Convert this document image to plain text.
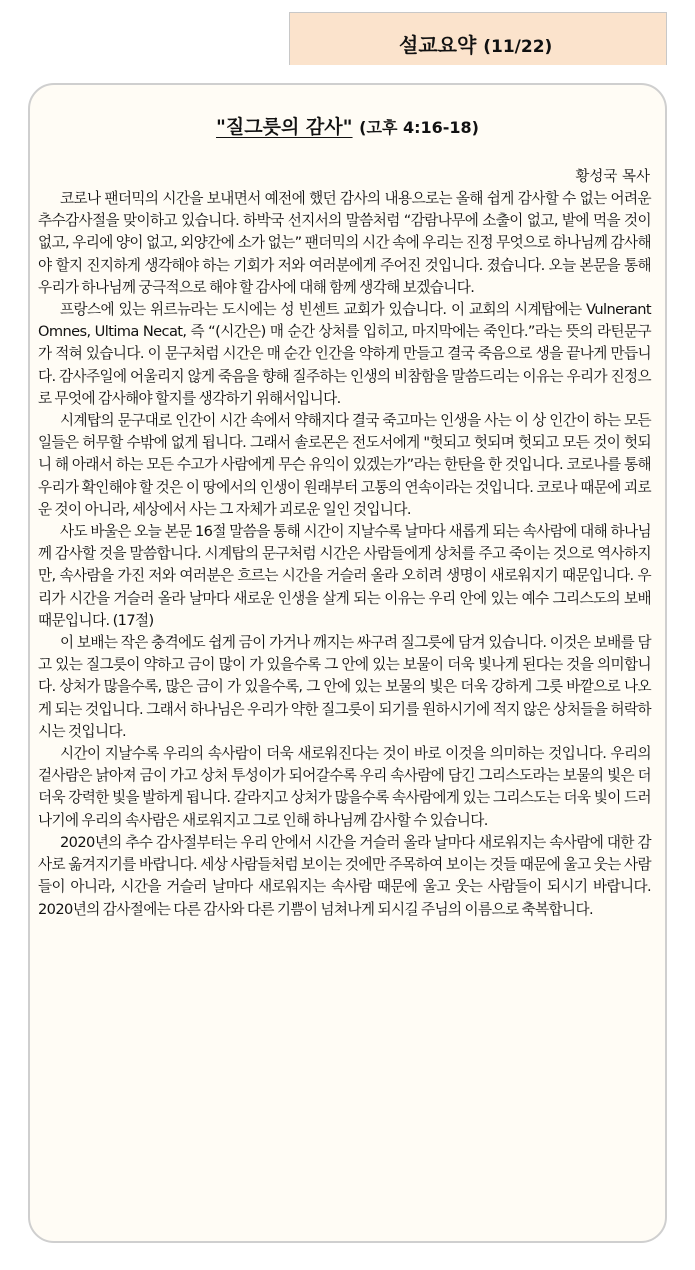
설교요약 (11/22)
"질그릇의 감사" (고후 4:16-18)
황성국 목사

코로나 팬더믹의 시간을 보내면서 예전에 했던 감사의 내용으로는 올해 쉽게 감사할 수 없는 어려운 추수감사절을 맞이하고 있습니다. 하박국 선지서의 말씀처럼 “감람나무에 소출이 없고, 밭에 먹을 것이 없고, 우리에 양이 없고, 외양간에 소가 없는” 팬더믹의 시간 속에 우리는 진정 무엇으로 하나님께 감사해야 할지 진지하게 생각해야 하는 기회가 저와 여러분에게 주어진 것입니다. 졌습니다. 오늘 본문을 통해 우리가 하나님께 궁극적으로 해야 할 감사에 대해 함께 생각해 보겠습니다.

프랑스에 있는 위르뉴라는 도시에는 성 빈센트 교회가 있습니다. 이 교회의 시계탑에는 Vulnerant Omnes, Ultima Necat, 즉 “(시간은) 매 순간 상처를 입히고, 마지막에는 죽인다.”라는 뜻의 라틴문구가 적혀 있습니다. 이 문구처럼 시간은 매 순간 인간을 약하게 만들고 결국 죽음으로 생을 끝나게 만듭니다. 감사주일에 어울리지 않게 죽음을 향해 질주하는 인생의 비참함을 말씀드리는 이유는 우리가 진정으로 무엇에 감사해야 할지를 생각하기 위해서입니다.

시계탑의 문구대로 인간이 시간 속에서 약해지다 결국 죽고마는 인생을 사는 이 상 인간이 하는 모든 일들은 허무할 수밖에 없게 됩니다. 그래서 솔로몬은 전도서에게 "헛되고 헛되며 헛되고 모든 것이 헛되니 해 아래서 하는 모든 수고가 사람에게 무슨 유익이 있겠는가”라는 한탄을 한 것입니다. 코로나를 통해 우리가 확인해야 할 것은 이 땅에서의 인생이 원래부터 고통의 연속이라는 것입니다. 코로나 때문에 괴로운 것이 아니라, 세상에서 사는 그 자체가 괴로운 일인 것입니다.

사도 바울은 오늘 본문 16절 말씀을 통해 시간이 지날수록 날마다 새롭게 되는 속사람에 대해 하나님께 감사할 것을 말씀합니다. 시계탑의 문구처럼 시간은 사람들에게 상처를 주고 죽이는 것으로 역사하지만, 속사람을 가진 저와 여러분은 흐르는 시간을 거슬러 올라 오히려 생명이 새로워지기 때문입니다. 우리가 시간을 거슬러 올라 날마다 새로운 인생을 살게 되는 이유는 우리 안에 있는 예수 그리스도의 보배 때문입니다. (17절)

이 보배는 작은 충격에도 쉽게 금이 가거나 깨지는 싸구려 질그릇에 담겨 있습니다. 이것은 보배를 담고 있는 질그릇이 약하고 금이 많이 가 있을수록 그 안에 있는 보물이 더욱 빛나게 된다는 것을 의미합니다. 상처가 많을수록, 많은 금이 가 있을수록, 그 안에 있는 보물의 빛은 더욱 강하게 그릇 바깥으로 나오게 되는 것입니다. 그래서 하나님은 우리가 약한 질그릇이 되기를 원하시기에 적지 않은 상처들을 허락하시는 것입니다.

시간이 지날수록 우리의 속사람이 더욱 새로워진다는 것이 바로 이것을 의미하는 것입니다. 우리의 겉사람은 낡아져 금이 가고 상처 투성이가 되어갈수록 우리 속사람에 담긴 그리스도라는 보물의 빛은 더더욱 강력한 빛을 발하게 됩니다. 갈라지고 상처가 많을수록 속사람에게 있는 그리스도는 더욱 빛이 드러나기에 우리의 속사람은 새로워지고 그로 인해 하나님께 감사할 수 있습니다.

2020년의 추수 감사절부터는 우리 안에서 시간을 거슬러 올라 날마다 새로워지는 속사람에 대한 감사로 옮겨지기를 바랍니다. 세상 사람들처럼 보이는 것에만 주목하여 보이는 것들 때문에 울고 웃는 사람들이 아니라, 시간을 거슬러 날마다 새로워지는 속사람 때문에 울고 웃는 사람들이 되시기 바랍니다. 2020년의 감사절에는 다른 감사와 다른 기쁨이 넘쳐나게 되시길 주님의 이름으로 축복합니다.
